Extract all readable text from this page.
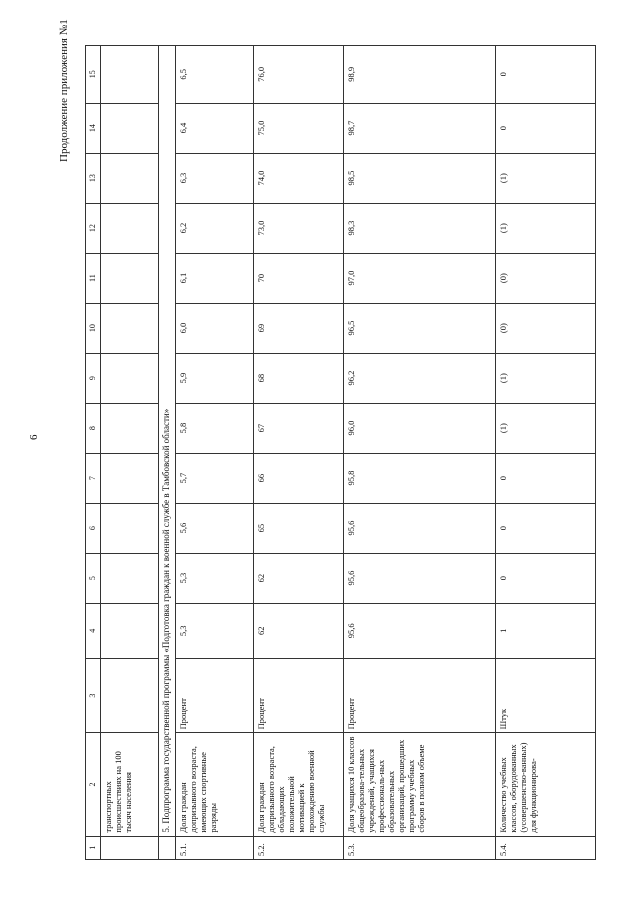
6
Продолжение приложения №1
1	2	3	4	5	6	7	8	9	10	11	12	13	14	15
	транспортных происшествиях на 100 тысяч населения													
	5. Подпрограмма государственной программы «Подготовка граждан к военной службе в Тамбовской области»													
5.1.	Доля граждан допризывного возраста, имеющих спортивные разряды	Процент	5,3	5,3	5,6	5,7	5,8	5,9	6,0	6,1	6,2	6,3	6,4	6,5
5.2.	Доля граждан допризывного возраста, обладающих положительной мотивацией к прохождению военной службы	Процент	62	62	65	66	67	68	69	70	73,0	74,0	75,0	76,0
5.3.	Доля учащихся 10 классов общеобразова-тельных учреждений, учащихся профессиональ-ных образовательных организаций, прошедших программу учебных сборов в полном объеме	Процент	95,6	95,6	95,6	95,8	96,0	96,2	96,5	97,0	98,3	98,5	98,7	98,9
5.4.	Количество учебных классов, оборудованных (усовершенство-ванных) для функционирова-	Штук	1	0	0	0	(1)	(1)	(0)	(0)	(1)	(1)	0	0
